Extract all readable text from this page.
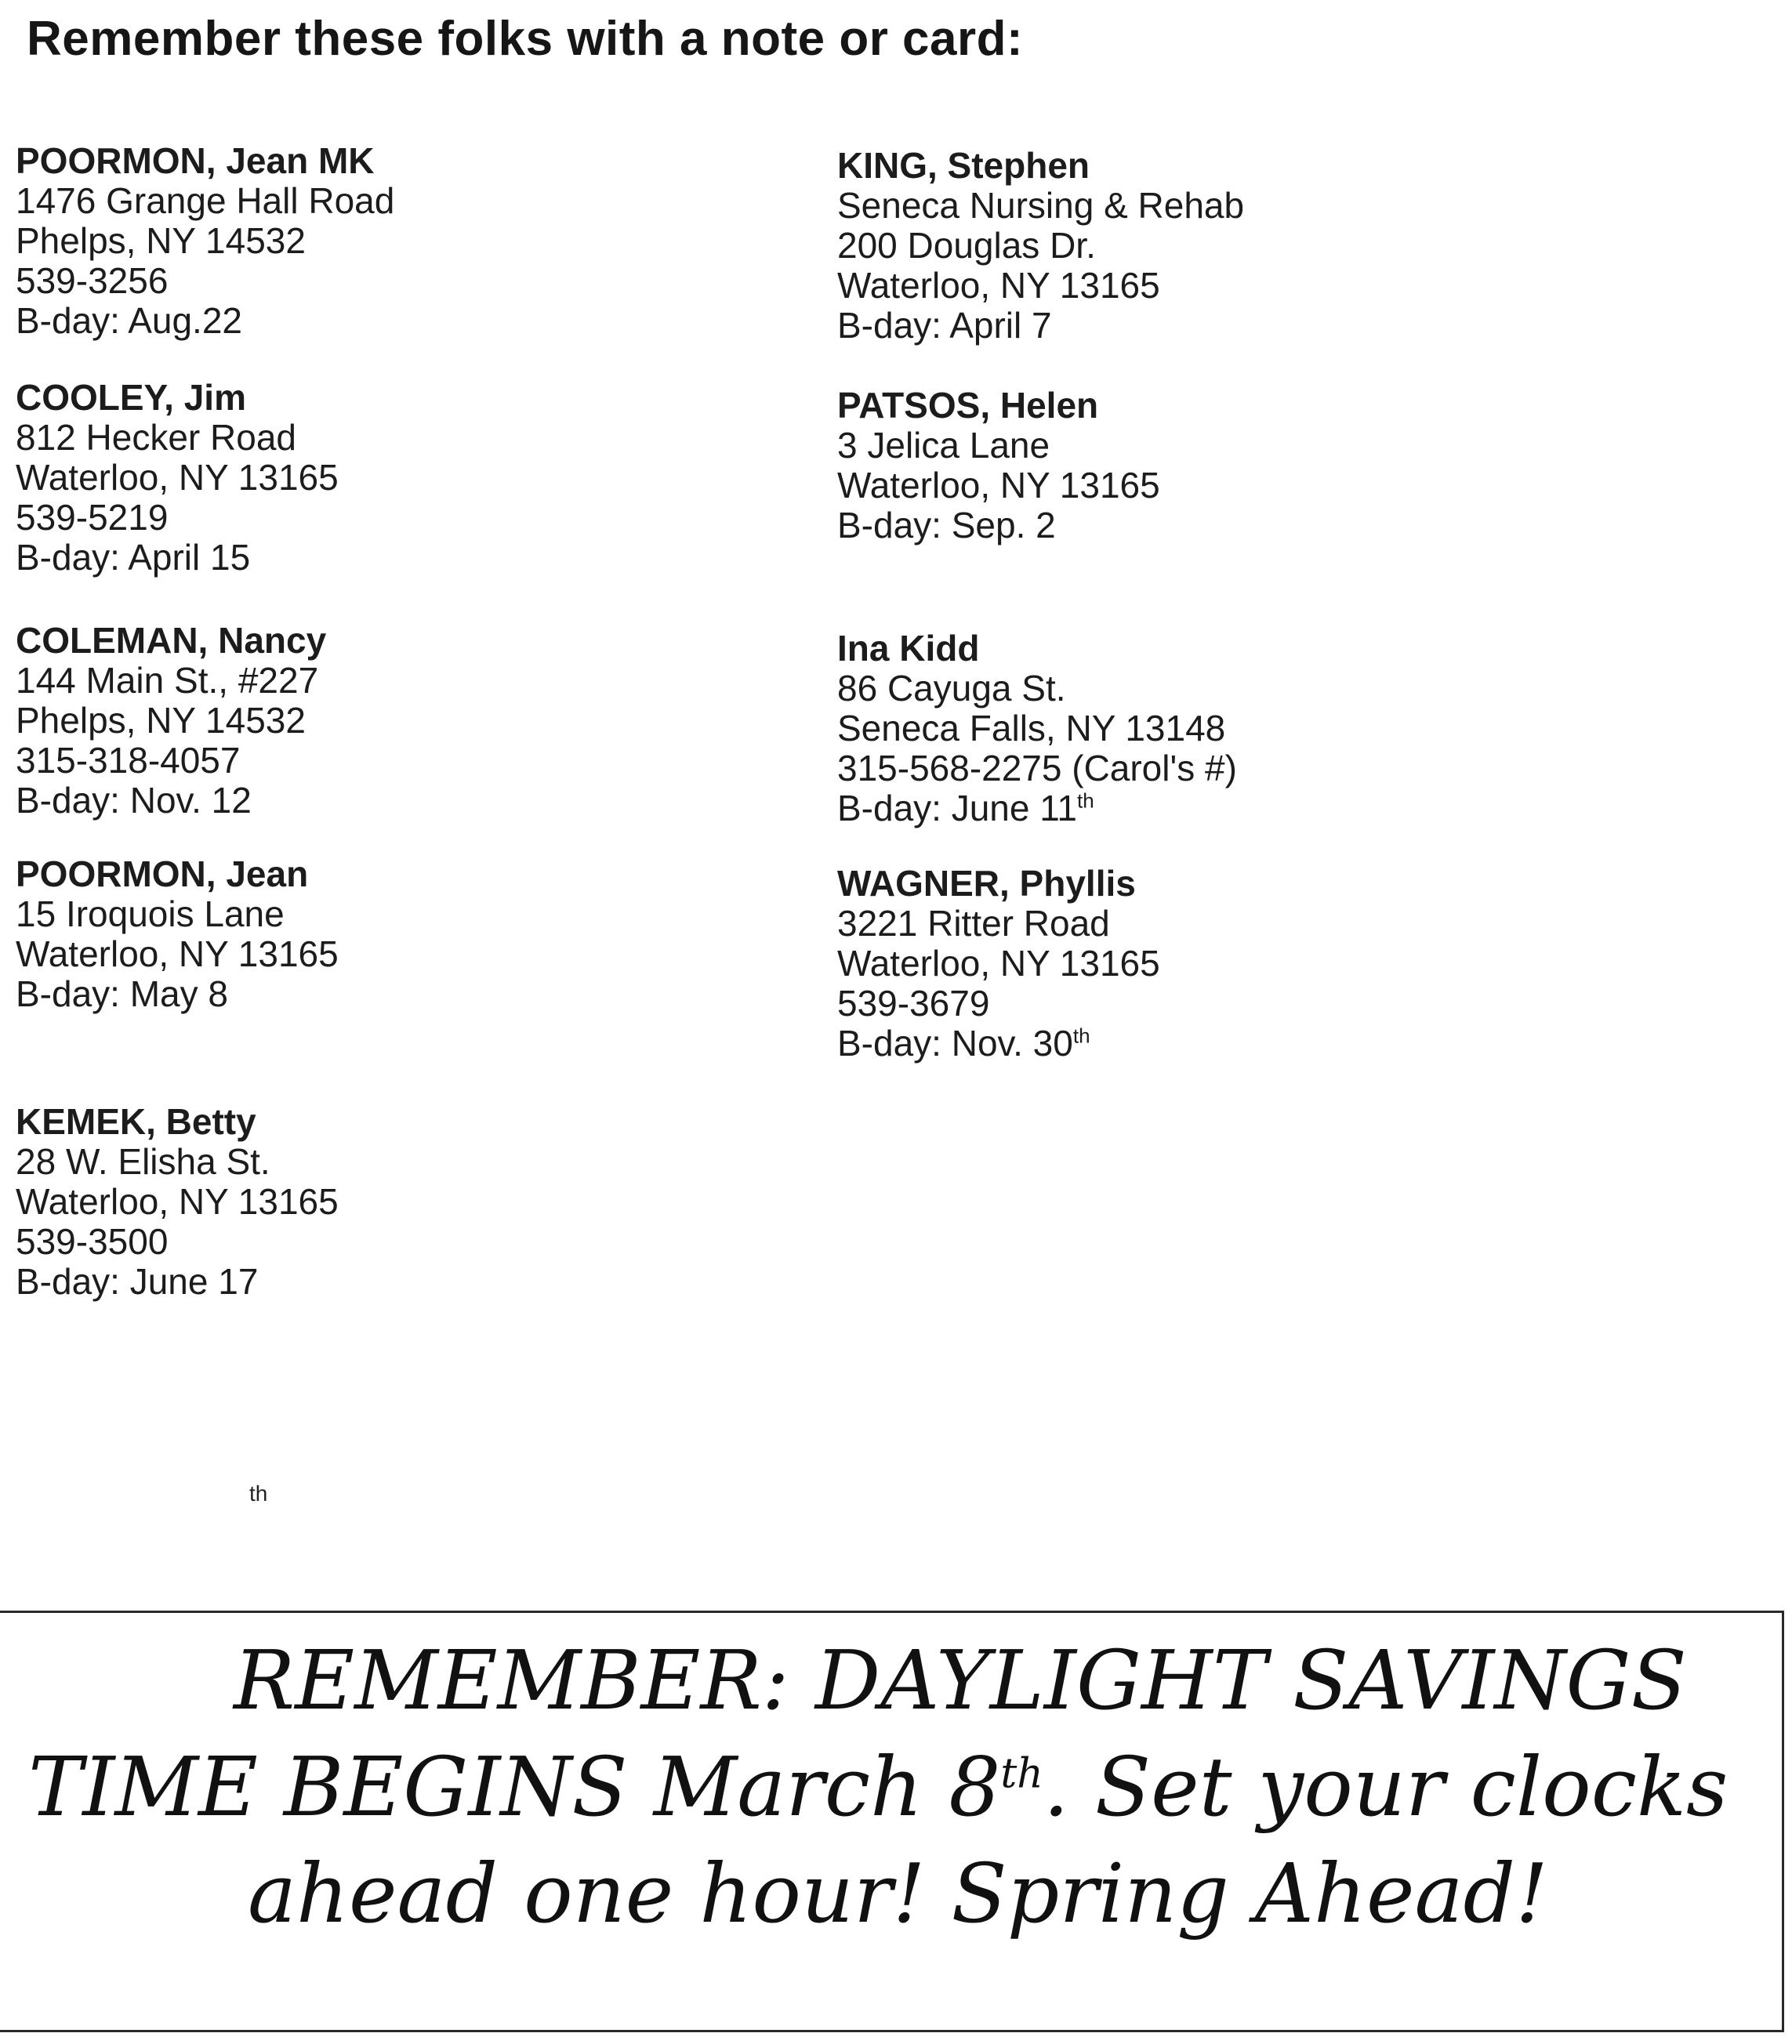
Remember these folks with a note or card:
POORMON, Jean MK
1476 Grange Hall Road
Phelps, NY 14532
539-3256
B-day: Aug.22
COOLEY, Jim
812 Hecker Road
Waterloo, NY 13165
539-5219
B-day: April 15
COLEMAN, Nancy
144 Main St., #227
Phelps, NY 14532
315-318-4057
B-day: Nov. 12
POORMON, Jean
15 Iroquois Lane
Waterloo, NY 13165
B-day: May 8
KEMEK, Betty
28 W. Elisha St.
Waterloo, NY 13165
539-3500
B-day: June 17
KING, Stephen
Seneca Nursing & Rehab
200 Douglas Dr.
Waterloo, NY 13165
B-day: April 7
PATSOS, Helen
3 Jelica Lane
Waterloo, NY 13165
B-day: Sep. 2
Ina Kidd
86 Cayuga St.
Seneca Falls, NY 13148
315-568-2275 (Carol's #)
B-day: June 11th
WAGNER, Phyllis
3221 Ritter Road
Waterloo, NY 13165
539-3679
B-day: Nov. 30th
th
REMEMBER: DAYLIGHT SAVINGS
TIME BEGINS March 8th. Set your clocks
ahead one hour! Spring Ahead!
